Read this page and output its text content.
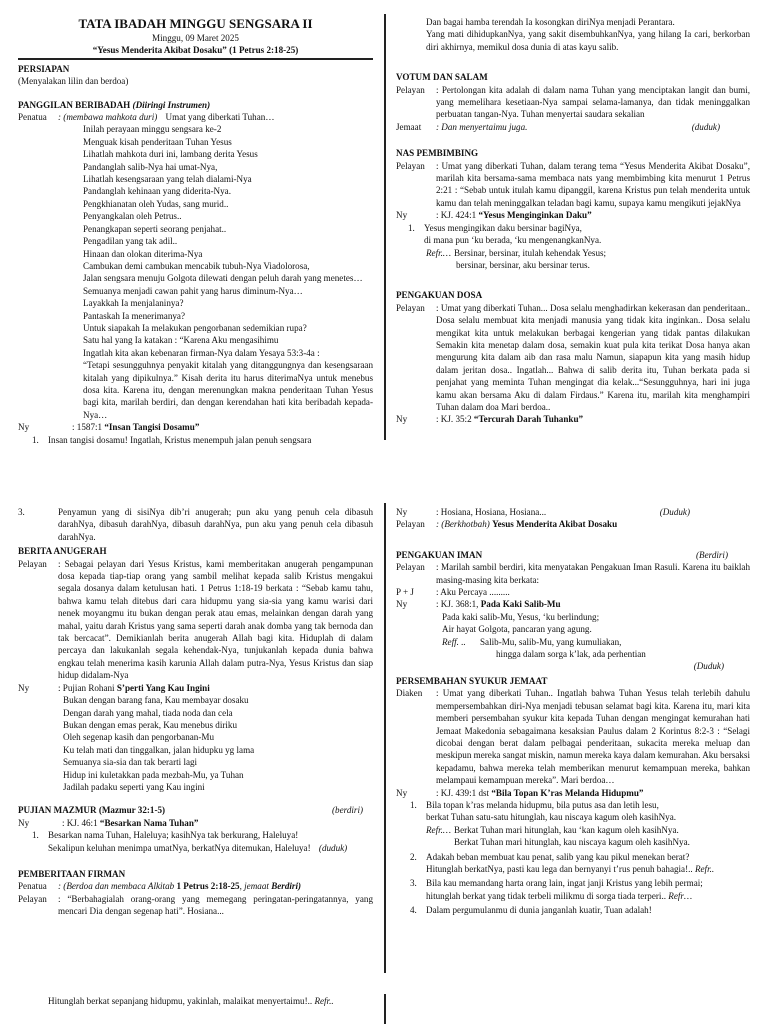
TATA IBADAH MINGGU SENGSARA II
Minggu, 09 Maret 2025
“Yesus Menderita Akibat Dosaku” (1 Petrus 2:18-25)
PERSIAPAN
(Menyalakan lilin dan berdoa)
PANGGILAN BERIBADAH (Diiringi Instrumen)
Penatua	: (membawa mahkota duri) Umat yang diberkati Tuhan…
Inilah perayaan minggu sengsara ke-2
Menguak kisah penderitaan Tuhan Yesus
Lihatlah mahkota duri ini, lambang derita Yesus
Pandanglah salib-Nya hai umat-Nya,
Lihatlah kesengsaraan yang telah dialami-Nya
Pandanglah kehinaan yang diderita-Nya.
Pengkhianatan oleh Yudas, sang murid..
Penyangkalan oleh Petrus..
Penangkapan seperti seorang penjahat..
Pengadilan yang tak adil..
Hinaan dan olokan diterima-Nya
Cambukan demi cambukan mencabik tubuh-Nya Viadolorosa,
Jalan sengsara menuju Golgota dilewati dengan peluh darah yang menetes…
Semuanya menjadi cawan pahit yang harus diminum-Nya…
Layakkah Ia menjalaninya?
Pantaskah Ia menerimanya?
Untuk siapakah Ia melakukan pengorbanan sedemikian rupa?
Satu hal yang Ia katakan : “Karena Aku mengasihimu
Ingatlah kita akan kebenaran firman-Nya dalam Yesaya 53:3-4a :
“Tetapi sesungguhnya penyakit kitalah yang ditanggungnya dan kesengsaraan kitalah yang dipikulnya.” Kisah derita itu harus diterimaNya untuk menebus dosa kita. Karena itu, dengan merenungkan makna penderitaan Tuhan Yesus bagi kita, marilah berdiri, dan dengan kerendahan hati kita beribadah kepada-Nya…
Ny	: 1587:1 “Insan Tangisi Dosamu”
1.	Insan tangisi dosamu! Ingatlah, Kristus menempuh jalan penuh sengsara
Dan bagai hamba terendah Ia kosongkan diriNya menjadi Perantara.
Yang mati dihidupkanNya, yang sakit disembuhkanNya, yang hilang Ia cari, berkorban diri akhirnya, memikul dosa dunia di atas kayu salib.
VOTUM DAN SALAM
Pelayan	: Pertolongan kita adalah di dalam nama Tuhan yang menciptakan langit dan bumi, yang memelihara kesetiaan-Nya sampai selama-lamanya, dan tidak meninggalkan perbuatan tangan-Nya. Tuhan menyertai saudara sekalian
Jemaat	: Dan menyertaimu juga.	(duduk)
NAS PEMBIMBING
Pelayan	: Umat yang diberkati Tuhan, dalam terang tema “Yesus Menderita Akibat Dosaku”, marilah kita bersama-sama membaca nats yang membimbing kita menurut 1 Petrus 2:21 : “Sebab untuk itulah kamu dipanggil, karena Kristus pun telah menderita untuk kamu dan telah meninggalkan teladan bagi kamu, supaya kamu mengikuti jejakNya
Ny	: KJ. 424:1 “Yesus Menginginkan Daku”
1.	Yesus mengingikan daku bersinar bagiNya,
di mana pun ‘ku berada, ‘ku mengenangkanNya.
Refr.… Bersinar, bersinar, itulah kehendak Yesus;
bersinar, bersinar, aku bersinar terus.
PENGAKUAN DOSA
Pelayan	: Umat yang diberkati Tuhan... Dosa selalu menghadirkan kekerasan dan penderitaan.. Dosa selalu membuat kita menjadi manusia yang tidak kita inginkan.. Dosa selalu mengikat kita untuk melakukan berbagai kengerian yang tidak pantas dilakukan Semakin kita menetap dalam dosa, semakin kuat pula kita terikat Dosa hanya akan mengurung kita dalam aib dan rasa malu Namun, siapapun kita yang masih hidup dalam jeritan dosa.. Ingatlah... Bahwa di salib derita itu, Tuhan berkata pada si penjahat yang meminta Tuhan mengingat dia kelak...“Sesungguhnya, hari ini juga kamu akan bersama Aku di dalam Firdaus.” Karena itu, marilah kita menghampiri Tuhan dalam doa Mari berdoa..
Ny	: KJ. 35:2 “Tercurah Darah Tuhanku”
3.	Penyamun yang di sisiNya dib’ri anugerah; pun aku yang penuh cela dibasuh darahNya, dibasuh darahNya, dibasuh darahNya, pun aku yang penuh cela dibasuh darahNya.
BERITA ANUGERAH
Pelayan	: Sebagai pelayan dari Yesus Kristus, kami memberitakan anugerah pengampunan dosa kepada tiap-tiap orang yang sambil melihat kepada salib Kristus mengakui segala dosanya dalam ketulusan hati. 1 Petrus 1:18-19 berkata : “Sebab kamu tahu, bahwa kamu telah ditebus dari cara hidupmu yang sia-sia yang kamu warisi dari nenek moyangmu itu bukan dengan perak atau emas, melainkan dengan darah yang mahal, yaitu darah Kristus yang sama seperti darah anak domba yang tak bernoda dan tak bercacat”. Demikianlah berita anugerah Allah bagi kita. Hiduplah di dalam percaya dan lakukanlah segala kehendak-Nya, tunjukanlah kepada dunia bahwa engkau telah menerima kasih karunia Allah dalam putra-Nya, Yesus Kristus dan siap hidup didalam-Nya
Ny	: Pujian Rohani S’perti Yang Kau Ingini
Bukan dengan barang fana, Kau membayar dosaku
Dengan darah yang mahal, tiada noda dan cela
Bukan dengan emas perak, Kau menebus diriku
Oleh segenap kasih dan pengorbanan-Mu
Ku telah mati dan tinggalkan, jalan hidupku yg lama
Semuanya sia-sia dan tak berarti lagi
Hidup ini kuletakkan pada mezbah-Mu, ya Tuhan
Jadilah padaku seperti yang Kau ingini
PUJIAN MAZMUR (Mazmur 32:1-5)	(berdiri)
Ny	: KJ. 46:1 “Besarkan Nama Tuhan”
1.	Besarkan nama Tuhan, Haleluya; kasihNya tak berkurang, Haleluya!
Sekalipun keluhan menimpa umatNya, berkatNya ditemukan, Haleluya! (duduk)
PEMBERITAAN FIRMAN
Penatua	: (Berdoa dan membaca Alkitab 1 Petrus 2:18-25, jemaat Berdiri)
Pelayan	: “Berbahagialah orang-orang yang memegang peringatan-peringatannya, yang mencari Dia dengan segenap hati”. Hosiana...
Ny	: Hosiana, Hosiana, Hosiana...	(Duduk)
Pelayan	: (Berkhotbah) Yesus Menderita Akibat Dosaku
PENGAKUAN IMAN	(Berdiri)
Pelayan	: Marilah sambil berdiri, kita menyatakan Pengakuan Iman Rasuli. Karena itu baiklah masing-masing kita berkata:
P + J	: Aku Percaya .........
Ny	: KJ. 368:1, Pada Kaki Salib-Mu
Pada kaki salib-Mu, Yesus, ‘ku berlindung;
Air hayat Golgota, pancaran yang agung.
Reff. ..	Salib-Mu, salib-Mu, yang kumuliakan,
hingga dalam sorga k’lak, ada perhentian
(Duduk)
PERSEMBAHAN SYUKUR JEMAAT
Diaken	: Umat yang diberkati Tuhan.. Ingatlah bahwa Tuhan Yesus telah terlebih dahulu mempersembahkan diri-Nya menjadi tebusan selamat bagi kita. Karena itu, mari kita memberi persembahan syukur kita kepada Tuhan dengan mengingat kemurahan hati Jemaat Makedonia sebagaimana kesaksian Paulus dalam 2 Korintus 8:2-3 : “Selagi dicobai dengan berat dalam pelbagai penderitaan, sukacita mereka meluap dan meskipun mereka sangat miskin, namun mereka kaya dalam kemurahan. Aku bersaksi kepadamu, bahwa mereka telah memberikan menurut kemampuan mereka, bahkan melampaui kemampuan mereka”. Mari berdoa…
Ny	: KJ. 439:1 dst “Bila Topan K’ras Melanda Hidupmu”
1.	Bila topan k’ras melanda hidupmu, bila putus asa dan letih lesu,
berkat Tuhan satu-satu hitunglah, kau niscaya kagum oleh kasihNya.
Refr.… Berkat Tuhan mari hitunglah, kau ‘kan kagum oleh kasihNya.
Berkat Tuhan mari hitunglah, kau niscaya kagum oleh kasihNya.
2.	Adakah beban membuat kau penat, salib yang kau pikul menekan berat?
Hitunglah berkatNya, pasti kau lega dan bernyanyi t’rus penuh bahagia!.. Refr..
3.	Bila kau memandang harta orang lain, ingat janji Kristus yang lebih permai;
hitunglah berkat yang tidak terbeli milikmu di sorga tiada terperi.. Refr…
4.	Dalam pergumulanmu di dunia janganlah kuatir, Tuan adalah!
Hitunglah berkat sepanjang hidupmu, yakinlah, malaikat menyertaimu!.. Refr..
